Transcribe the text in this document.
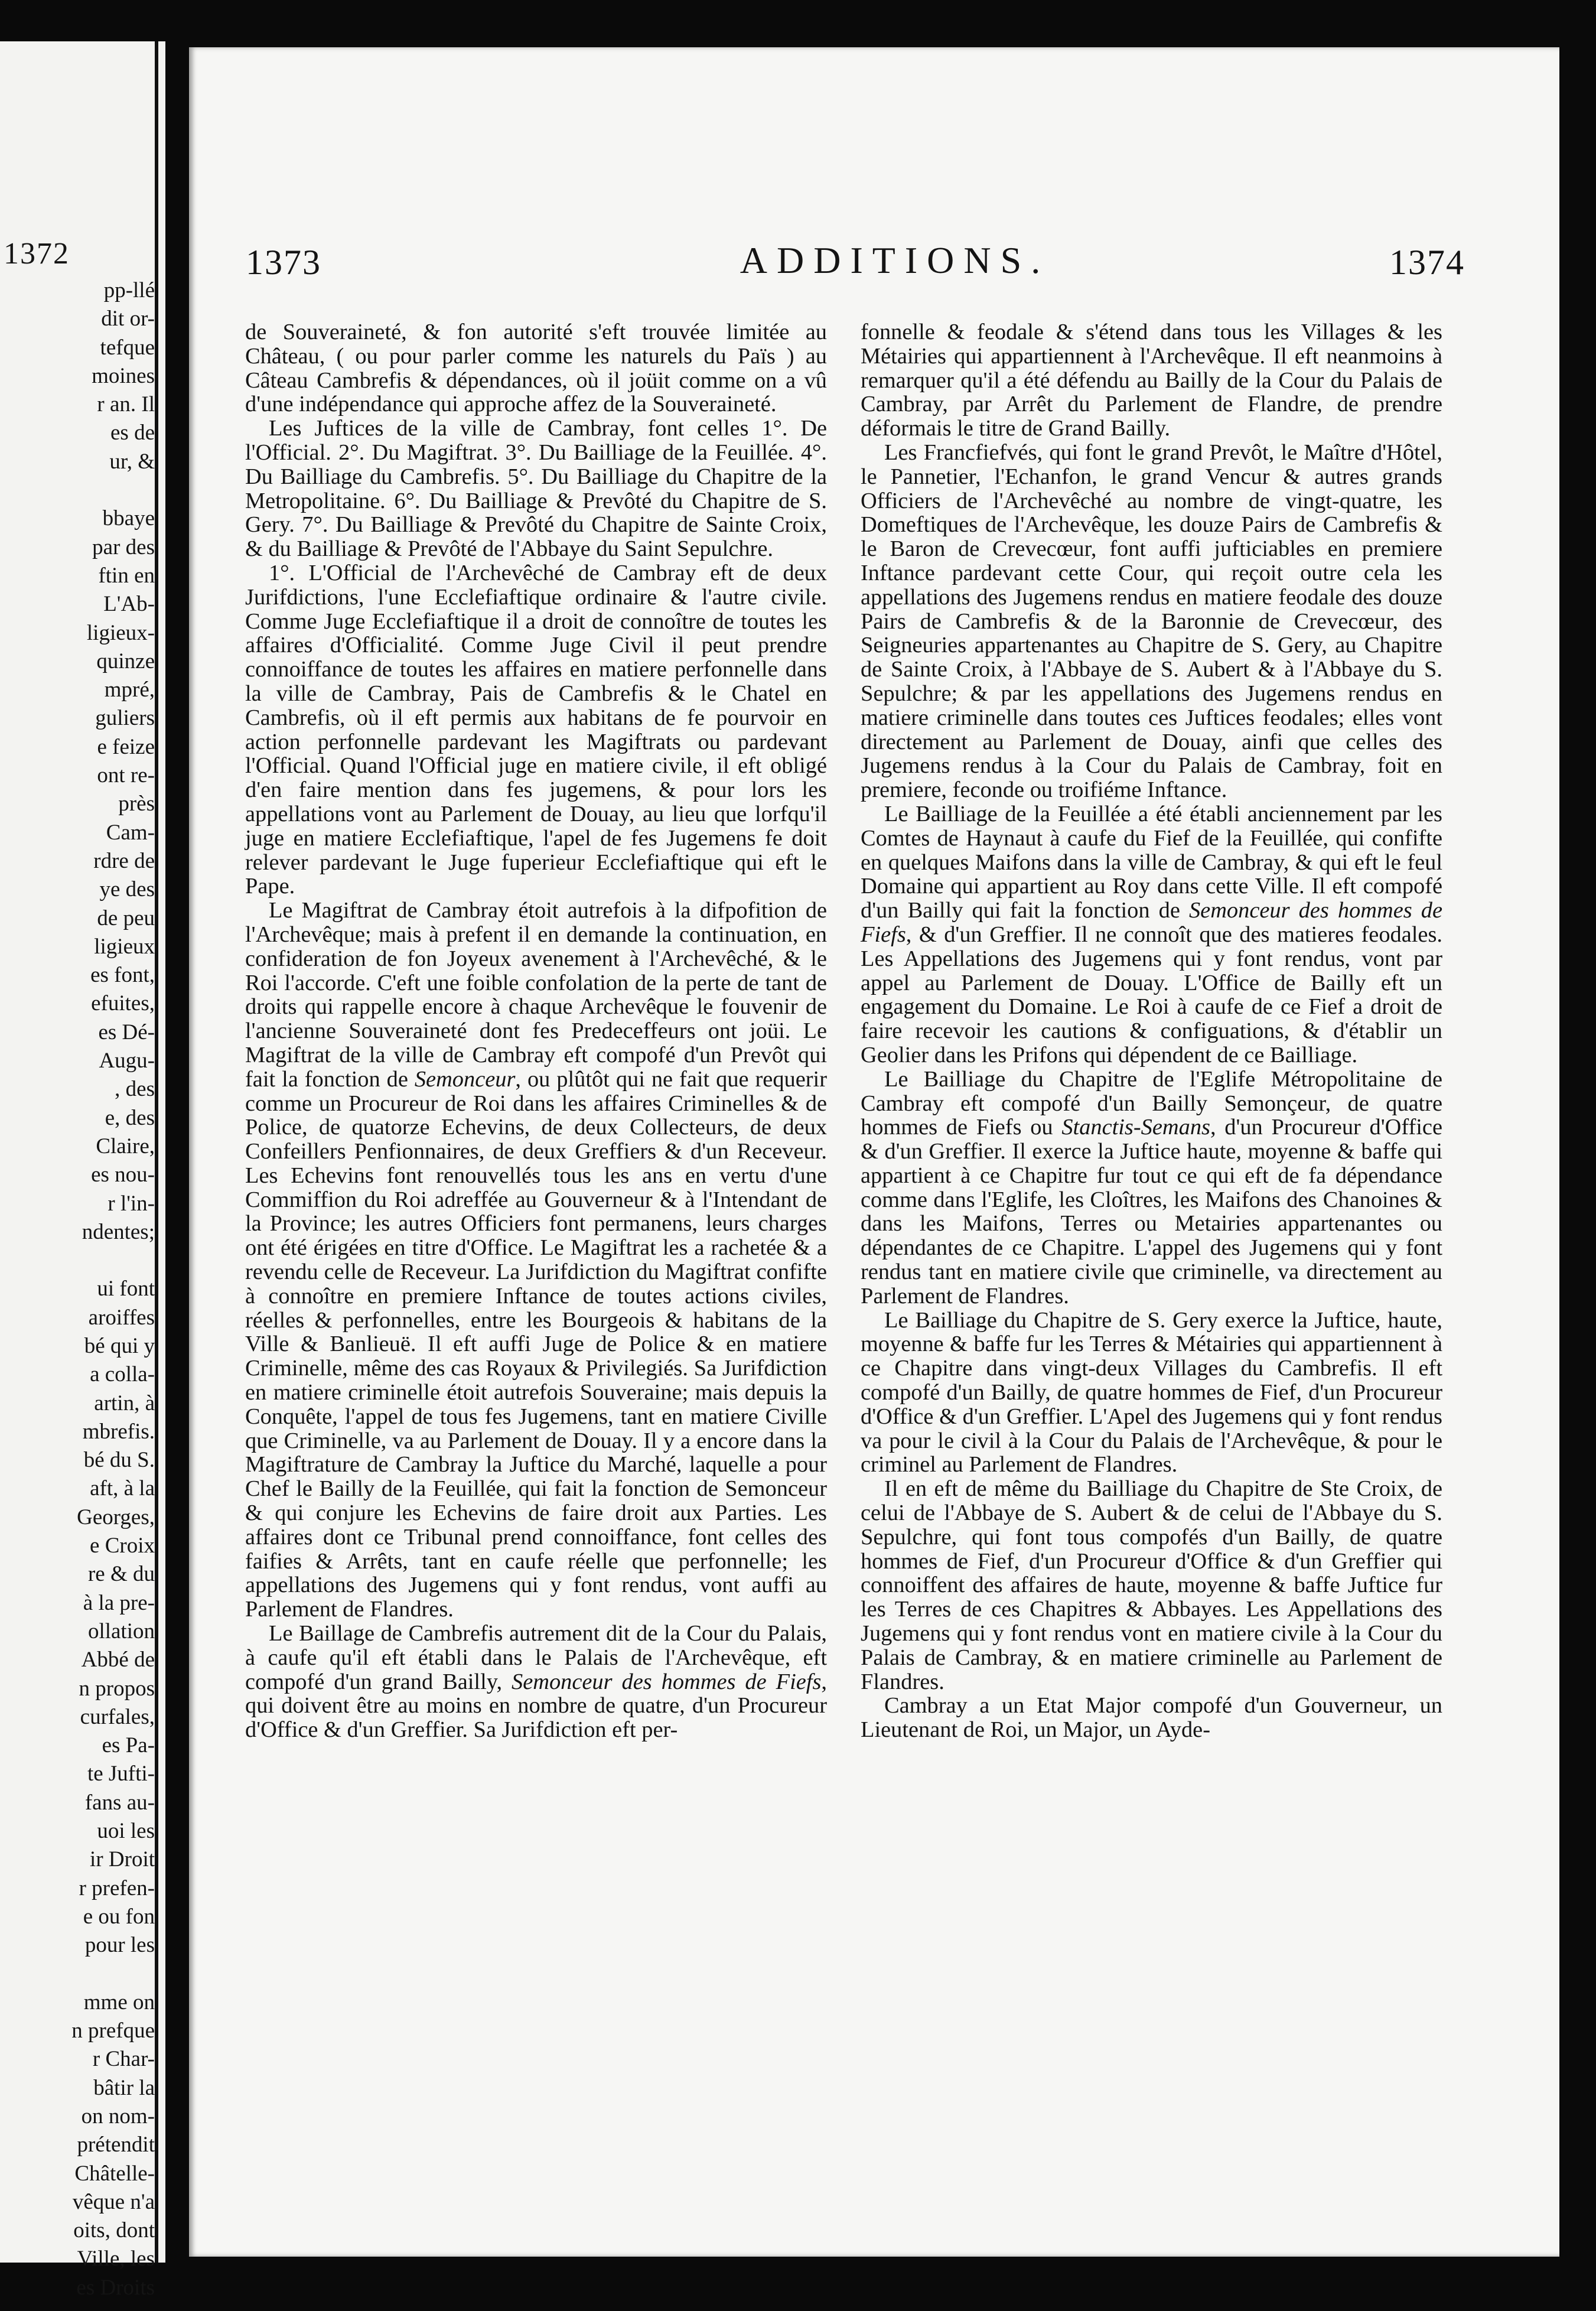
1372
pp-llé
dit or-
tefque
moines
r an. Il
es de
ur, &

bbaye
par des
ftin en
L'Ab-
ligieux-
quinze
mpré,
guliers
e feize
ont re-
près
Cam-
rdre de
ye des
de peu
ligieux
es font,
efuites,
es Dé-
Augu-
, des
e, des
Claire,
es nou-
r l'in-
ndentes;

ui font
aroiffes
bé qui y
a colla-
artin, à
mbrefis.
bé du S.
aft, à la
Georges,
e Croix
re & du
à la pre-
ollation
Abbé de
n propos
curfales,
es Pa-
te Jufti-
fans au-
uoi les
ir Droit
r prefen-
e ou fon
pour les

mme on
n prefque
r Char-
bâtir la
on nom-
prétendit
Châtelle-
vêque n'a
oits, dont
Ville, les
es Droits
1373	ADDITIONS.	1374

de Souveraineté, & fon autorité s'eft trouvée limitée au Château, ( ou pour parler comme les naturels du Païs ) au Câteau Cambrefis & dépendances, où il joüit comme on a vû d'une indépendance qui approche affez de la Souveraineté.

Les Juftices de la ville de Cambray, font celles 1°. De l'Official. 2°. Du Magiftrat. 3°. Du Bailliage de la Feuillée. 4°. Du Bailliage du Cambrefis. 5°. Du Bailliage du Chapitre de la Metropolitaine. 6°. Du Bailliage & Prevôté du Chapitre de S. Gery. 7°. Du Bailliage & Prevôté du Chapitre de Sainte Croix, & du Bailliage & Prevôté de l'Abbaye du Saint Sepulchre.

1°. L'Official de l'Archevêché de Cambray eft de deux Jurifdictions, l'une Ecclefiaftique ordinaire & l'autre civile. Comme Juge Ecclefiaftique il a droit de connoître de toutes les affaires d'Officialité. Comme Juge Civil il peut prendre connoiffance de toutes les affaires en matiere perfonnelle dans la ville de Cambray, Pais de Cambrefis & le Chatel en Cambrefis, où il eft permis aux habitans de fe pourvoir en action perfonnelle pardevant les Magiftrats ou pardevant l'Official. Quand l'Official juge en matiere civile, il eft obligé d'en faire mention dans fes jugemens, & pour lors les appellations vont au Parlement de Douay, au lieu que lorfqu'il juge en matiere Ecclefiaftique, l'apel de fes Jugemens fe doit relever pardevant le Juge fuperieur Ecclefiaftique qui eft le Pape.

Le Magiftrat de Cambray étoit autrefois à la difpofition de l'Archevêque; mais à prefent il en demande la continuation, en confideration de fon Joyeux avenement à l'Archevêché, & le Roi l'accorde. C'eft une foible confolation de la perte de tant de droits qui rappelle encore à chaque Archevêque le fouvenir de l'ancienne Souveraineté dont fes Predeceffeurs ont joüi. Le Magiftrat de la ville de Cambray eft compofé d'un Prevôt qui fait la fonction de Semonceur, ou plûtôt qui ne fait que requerir comme un Procureur de Roi dans les affaires Criminelles & de Police, de quatorze Echevins, de deux Collecteurs, de deux Confeillers Penfionnaires, de deux Greffiers & d'un Receveur. Les Echevins font renouvellés tous les ans en vertu d'une Commiffion du Roi adreffée au Gouverneur & à l'Intendant de la Province; les autres Officiers font permanens, leurs charges ont été érigées en titre d'Office. Le Magiftrat les a rachetée & a revendu celle de Receveur. La Jurifdiction du Magiftrat confifte à connoître en premiere Inftance de toutes actions civiles, réelles & perfonnelles, entre les Bourgeois & habitans de la Ville & Banlieuë. Il eft auffi Juge de Police & en matiere Criminelle, même des cas Royaux & Privilegiés. Sa Jurifdiction en matiere criminelle étoit autrefois Souveraine; mais depuis la Conquête, l'appel de tous fes Jugemens, tant en matiere Civille que Criminelle, va au Parlement de Douay. Il y a encore dans la Magiftrature de Cambray la Juftice du Marché, laquelle a pour Chef le Bailly de la Feuillée, qui fait la fonction de Semonceur & qui conjure les Echevins de faire droit aux Parties. Les affaires dont ce Tribunal prend connoiffance, font celles des faifies & Arrêts, tant en caufe réelle que perfonnelle; les appellations des Jugemens qui y font rendus, vont auffi au Parlement de Flandres.

Le Baillage de Cambrefis autrement dit de la Cour du Palais, à caufe qu'il eft établi dans le Palais de l'Archevêque, eft compofé d'un grand Bailly, Semonceur des hommes de Fiefs, qui doivent être au moins en nombre de quatre, d'un Procureur d'Office & d'un Greffier. Sa Jurifdiction eft per-

fonnelle & feodale & s'étend dans tous les Villages & les Métairies qui appartiennent à l'Archevêque. Il eft neanmoins à remarquer qu'il a été défendu au Bailly de la Cour du Palais de Cambray, par Arrêt du Parlement de Flandre, de prendre déformais le titre de Grand Bailly.

Les Francfiefvés, qui font le grand Prevôt, le Maître d'Hôtel, le Pannetier, l'Echanfon, le grand Vencur & autres grands Officiers de l'Archevêché au nombre de vingt-quatre, les Domeftiques de l'Archevêque, les douze Pairs de Cambrefis & le Baron de Crevecœur, font auffi jufticiables en premiere Inftance pardevant cette Cour, qui reçoit outre cela les appellations des Jugemens rendus en matiere feodale des douze Pairs de Cambrefis & de la Baronnie de Crevecœur, des Seigneuries appartenantes au Chapitre de S. Gery, au Chapitre de Sainte Croix, à l'Abbaye de S. Aubert & à l'Abbaye du S. Sepulchre; & par les appellations des Jugemens rendus en matiere criminelle dans toutes ces Juftices feodales; elles vont directement au Parlement de Douay, ainfi que celles des Jugemens rendus à la Cour du Palais de Cambray, foit en premiere, feconde ou troifiéme Inftance.

Le Bailliage de la Feuillée a été établi anciennement par les Comtes de Haynaut à caufe du Fief de la Feuillée, qui confifte en quelques Maifons dans la ville de Cambray, & qui eft le feul Domaine qui appartient au Roy dans cette Ville. Il eft compofé d'un Bailly qui fait la fonction de Semonceur des hommes de Fiefs, & d'un Greffier. Il ne connoît que des matieres feodales. Les Appellations des Jugemens qui y font rendus, vont par appel au Parlement de Douay. L'Office de Bailly eft un engagement du Domaine. Le Roi à caufe de ce Fief a droit de faire recevoir les cautions & configuations, & d'établir un Geolier dans les Prifons qui dépendent de ce Bailliage.

Le Bailliage du Chapitre de l'Eglife Métropolitaine de Cambray eft compofé d'un Bailly Semonçeur, de quatre hommes de Fiefs ou Stanctis-Semans, d'un Procureur d'Office & d'un Greffier. Il exerce la Juftice haute, moyenne & baffe qui appartient à ce Chapitre fur tout ce qui eft de fa dépendance comme dans l'Eglife, les Cloîtres, les Maifons des Chanoines & dans les Maifons, Terres ou Metairies appartenantes ou dépendantes de ce Chapitre. L'appel des Jugemens qui y font rendus tant en matiere civile que criminelle, va directement au Parlement de Flandres.

Le Bailliage du Chapitre de S. Gery exerce la Juftice, haute, moyenne & baffe fur les Terres & Métairies qui appartiennent à ce Chapitre dans vingt-deux Villages du Cambrefis. Il eft compofé d'un Bailly, de quatre hommes de Fief, d'un Procureur d'Office & d'un Greffier. L'Apel des Jugemens qui y font rendus va pour le civil à la Cour du Palais de l'Archevêque, & pour le criminel au Parlement de Flandres.

Il en eft de même du Bailliage du Chapitre de Ste Croix, de celui de l'Abbaye de S. Aubert & de celui de l'Abbaye du S. Sepulchre, qui font tous compofés d'un Bailly, de quatre hommes de Fief, d'un Procureur d'Office & d'un Greffier qui connoiffent des affaires de haute, moyenne & baffe Juftice fur les Terres de ces Chapitres & Abbayes. Les Appellations des Jugemens qui y font rendus vont en matiere civile à la Cour du Palais de Cambray, & en matiere criminelle au Parlement de Flandres.

Cambray a un Etat Major compofé d'un Gouverneur, un Lieutenant de Roi, un Major, un Ayde-
